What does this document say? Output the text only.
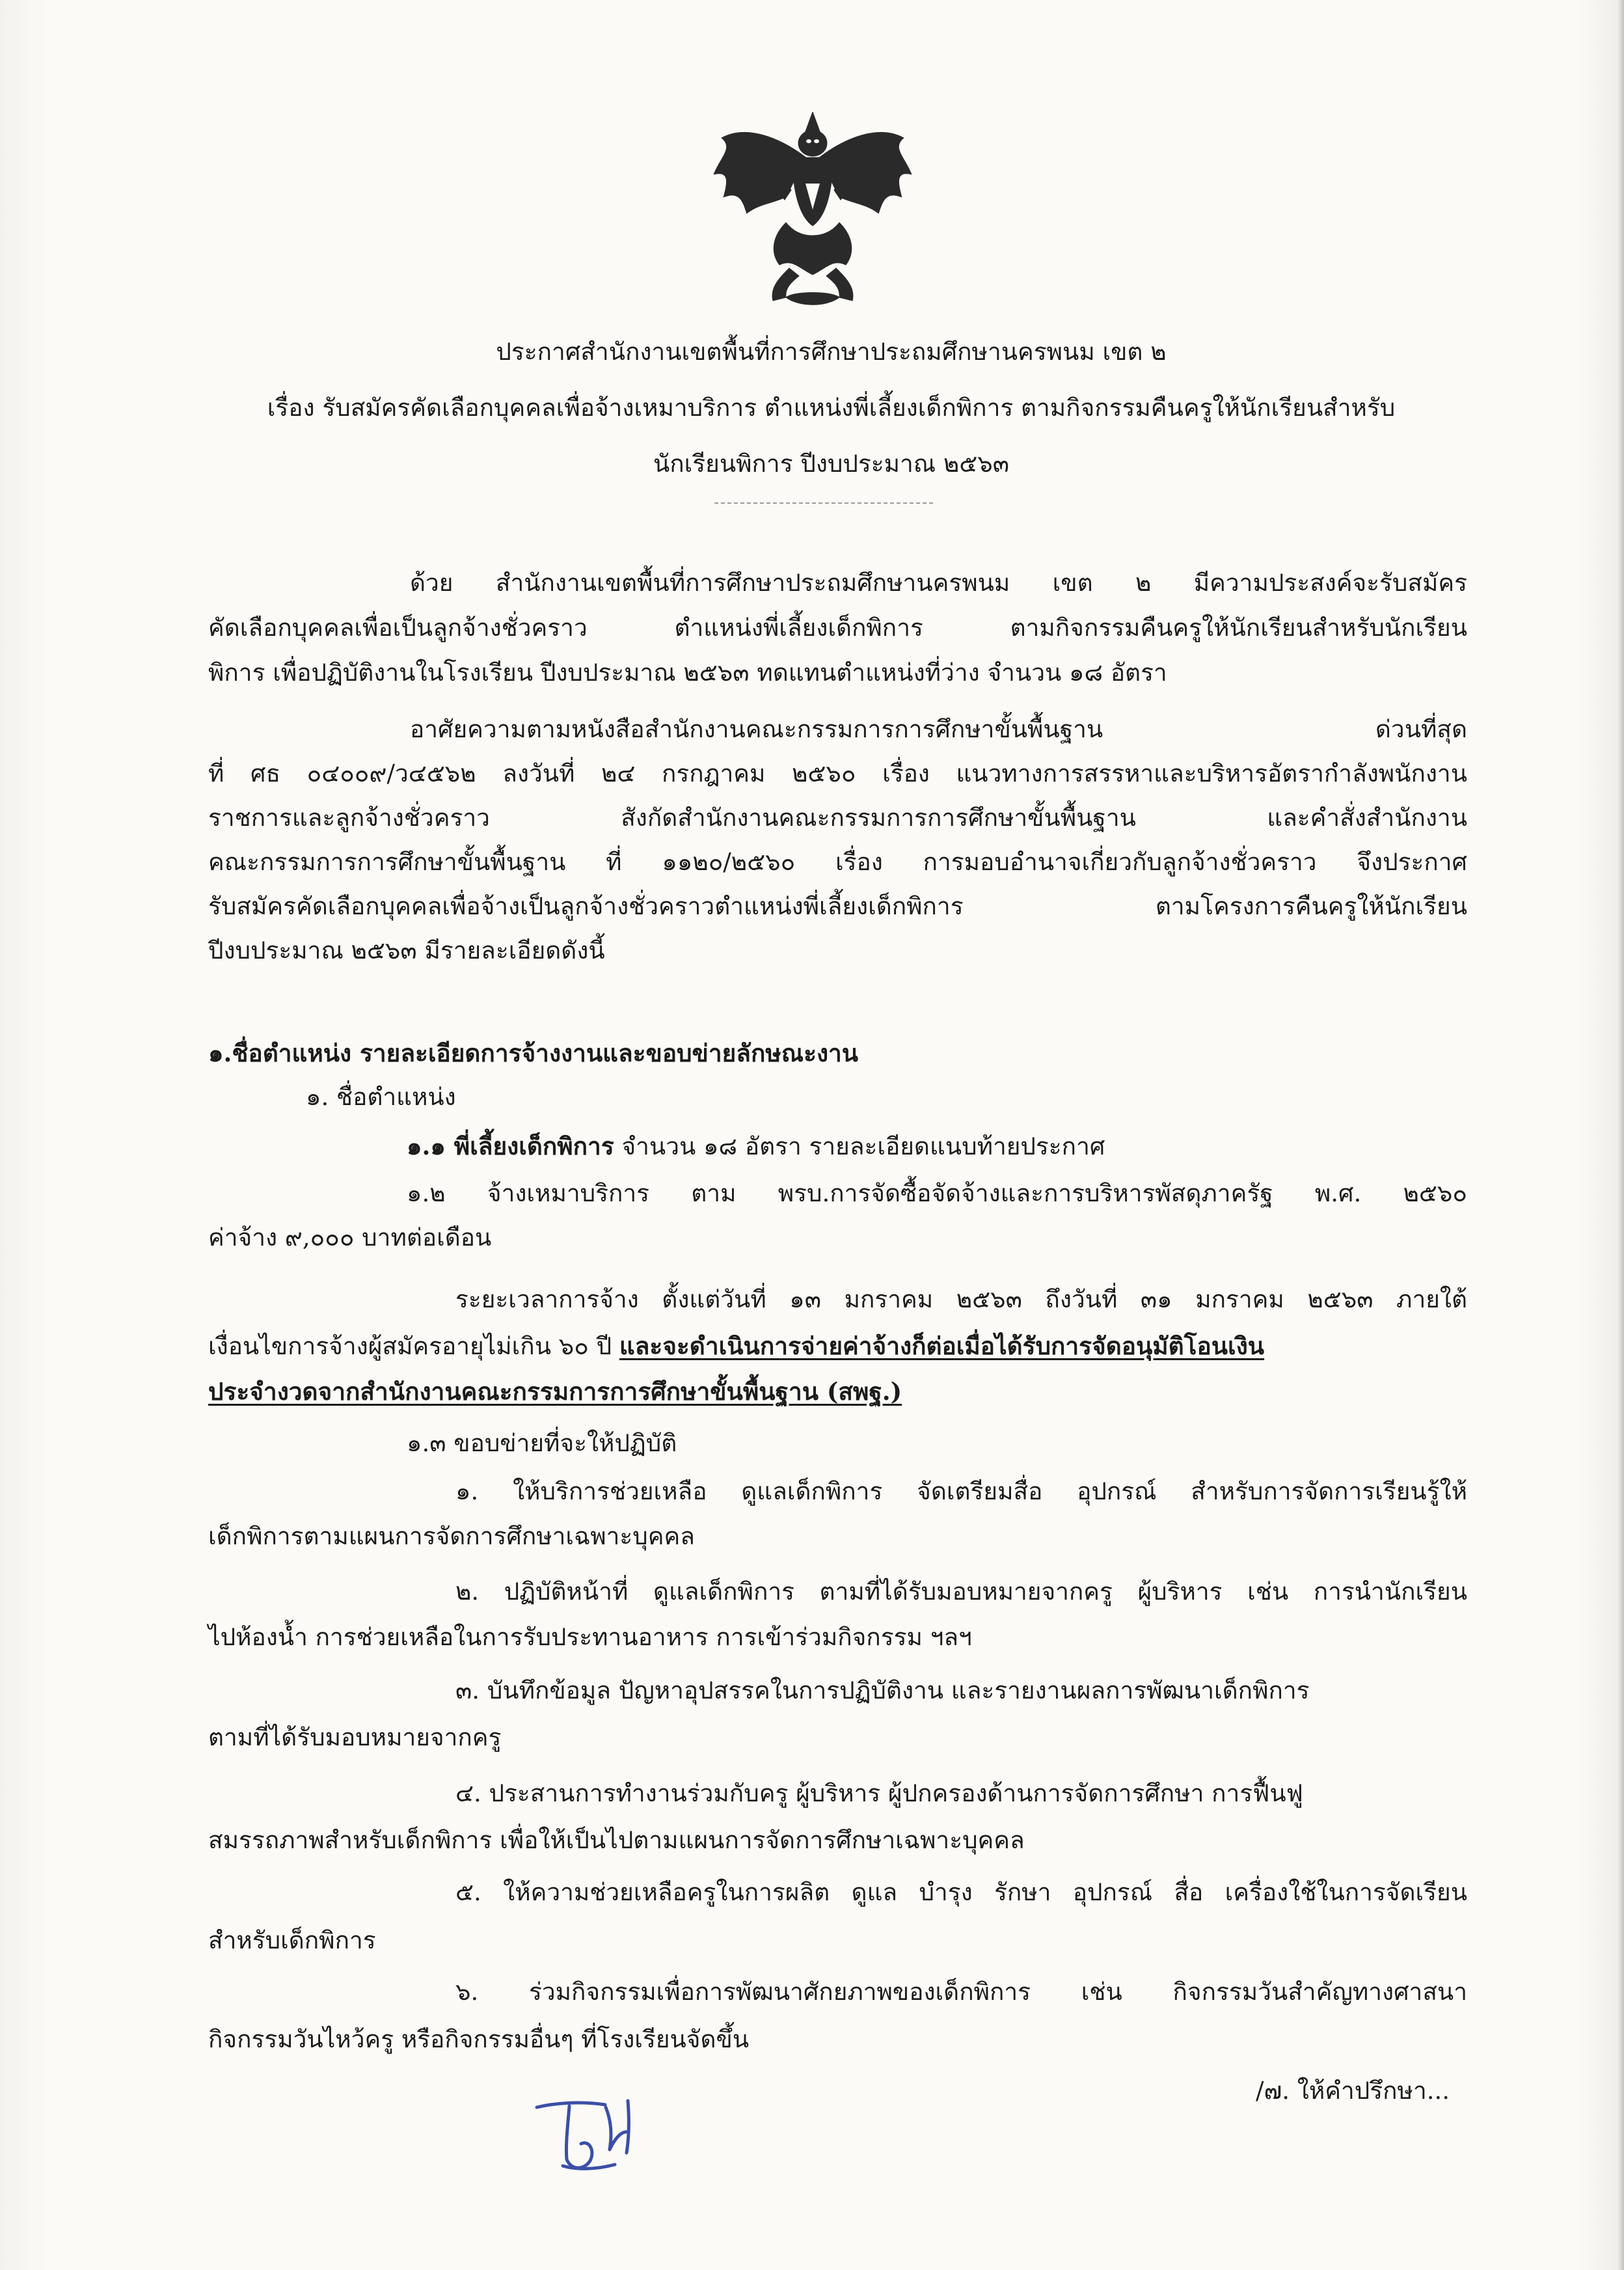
ประกาศสำนักงานเขตพื้นที่การศึกษาประถมศึกษานครพนม เขต ๒
เรื่อง รับสมัครคัดเลือกบุคคลเพื่อจ้างเหมาบริการ ตำแหน่งพี่เลี้ยงเด็กพิการ ตามกิจกรรมคืนครูให้นักเรียนสำหรับ
นักเรียนพิการ ปีงบประมาณ ๒๕๖๓
ด้วย สำนักงานเขตพื้นที่การศึกษาประถมศึกษานครพนม เขต ๒ มีความประสงค์จะรับสมัคร
คัดเลือกบุคคลเพื่อเป็นลูกจ้างชั่วคราว ตำแหน่งพี่เลี้ยงเด็กพิการ ตามกิจกรรมคืนครูให้นักเรียนสำหรับนักเรียน
พิการ เพื่อปฏิบัติงานในโรงเรียน ปีงบประมาณ ๒๕๖๓ ทดแทนตำแหน่งที่ว่าง จำนวน ๑๘ อัตรา
อาศัยความตามหนังสือสำนักงานคณะกรรมการการศึกษาขั้นพื้นฐาน ด่วนที่สุด
ที่ ศธ ๐๔๐๐๙/ว๔๕๖๒ ลงวันที่ ๒๔ กรกฎาคม ๒๕๖๐ เรื่อง แนวทางการสรรหาและบริหารอัตรากำลังพนักงาน
ราชการและลูกจ้างชั่วคราว สังกัดสำนักงานคณะกรรมการการศึกษาขั้นพื้นฐาน และคำสั่งสำนักงาน
คณะกรรมการการศึกษาขั้นพื้นฐาน ที่ ๑๑๒๐/๒๕๖๐ เรื่อง การมอบอำนาจเกี่ยวกับลูกจ้างชั่วคราว จึงประกาศ
รับสมัครคัดเลือกบุคคลเพื่อจ้างเป็นลูกจ้างชั่วคราวตำแหน่งพี่เลี้ยงเด็กพิการ ตามโครงการคืนครูให้นักเรียน
ปีงบประมาณ ๒๕๖๓ มีรายละเอียดดังนี้
๑.ชื่อตำแหน่ง รายละเอียดการจ้างงานและขอบข่ายลักษณะงาน
๑. ชื่อตำแหน่ง
๑.๑ พี่เลี้ยงเด็กพิการ จำนวน ๑๘ อัตรา รายละเอียดแนบท้ายประกาศ
๑.๒ จ้างเหมาบริการ ตาม พรบ.การจัดซื้อจัดจ้างและการบริหารพัสดุภาครัฐ พ.ศ. ๒๕๖๐
ค่าจ้าง ๙,๐๐๐ บาทต่อเดือน
ระยะเวลาการจ้าง ตั้งแต่วันที่ ๑๓ มกราคม ๒๕๖๓ ถึงวันที่ ๓๑ มกราคม ๒๕๖๓ ภายใต้
เงื่อนไขการจ้างผู้สมัครอายุไม่เกิน ๖๐ ปี และจะดำเนินการจ่ายค่าจ้างก็ต่อเมื่อได้รับการจัดอนุมัติโอนเงิน
ประจำงวดจากสำนักงานคณะกรรมการการศึกษาขั้นพื้นฐาน (สพฐ.)
๑.๓ ขอบข่ายที่จะให้ปฏิบัติ
๑. ให้บริการช่วยเหลือ ดูแลเด็กพิการ จัดเตรียมสื่อ อุปกรณ์ สำหรับการจัดการเรียนรู้ให้
เด็กพิการตามแผนการจัดการศึกษาเฉพาะบุคคล
๒. ปฏิบัติหน้าที่ ดูแลเด็กพิการ ตามที่ได้รับมอบหมายจากครู ผู้บริหาร เช่น การนำนักเรียน
ไปห้องน้ำ การช่วยเหลือในการรับประทานอาหาร การเข้าร่วมกิจกรรม ฯลฯ
๓. บันทึกข้อมูล ปัญหาอุปสรรคในการปฏิบัติงาน และรายงานผลการพัฒนาเด็กพิการ
ตามที่ได้รับมอบหมายจากครู
๔. ประสานการทำงานร่วมกับครู ผู้บริหาร ผู้ปกครองด้านการจัดการศึกษา การฟื้นฟู
สมรรถภาพสำหรับเด็กพิการ เพื่อให้เป็นไปตามแผนการจัดการศึกษาเฉพาะบุคคล
๕. ให้ความช่วยเหลือครูในการผลิต ดูแล บำรุง รักษา อุปกรณ์ สื่อ เครื่องใช้ในการจัดเรียน
สำหรับเด็กพิการ
๖. ร่วมกิจกรรมเพื่อการพัฒนาศักยภาพของเด็กพิการ เช่น กิจกรรมวันสำคัญทางศาสนา
กิจกรรมวันไหว้ครู หรือกิจกรรมอื่นๆ ที่โรงเรียนจัดขึ้น
/๗. ให้คำปรึกษา...
